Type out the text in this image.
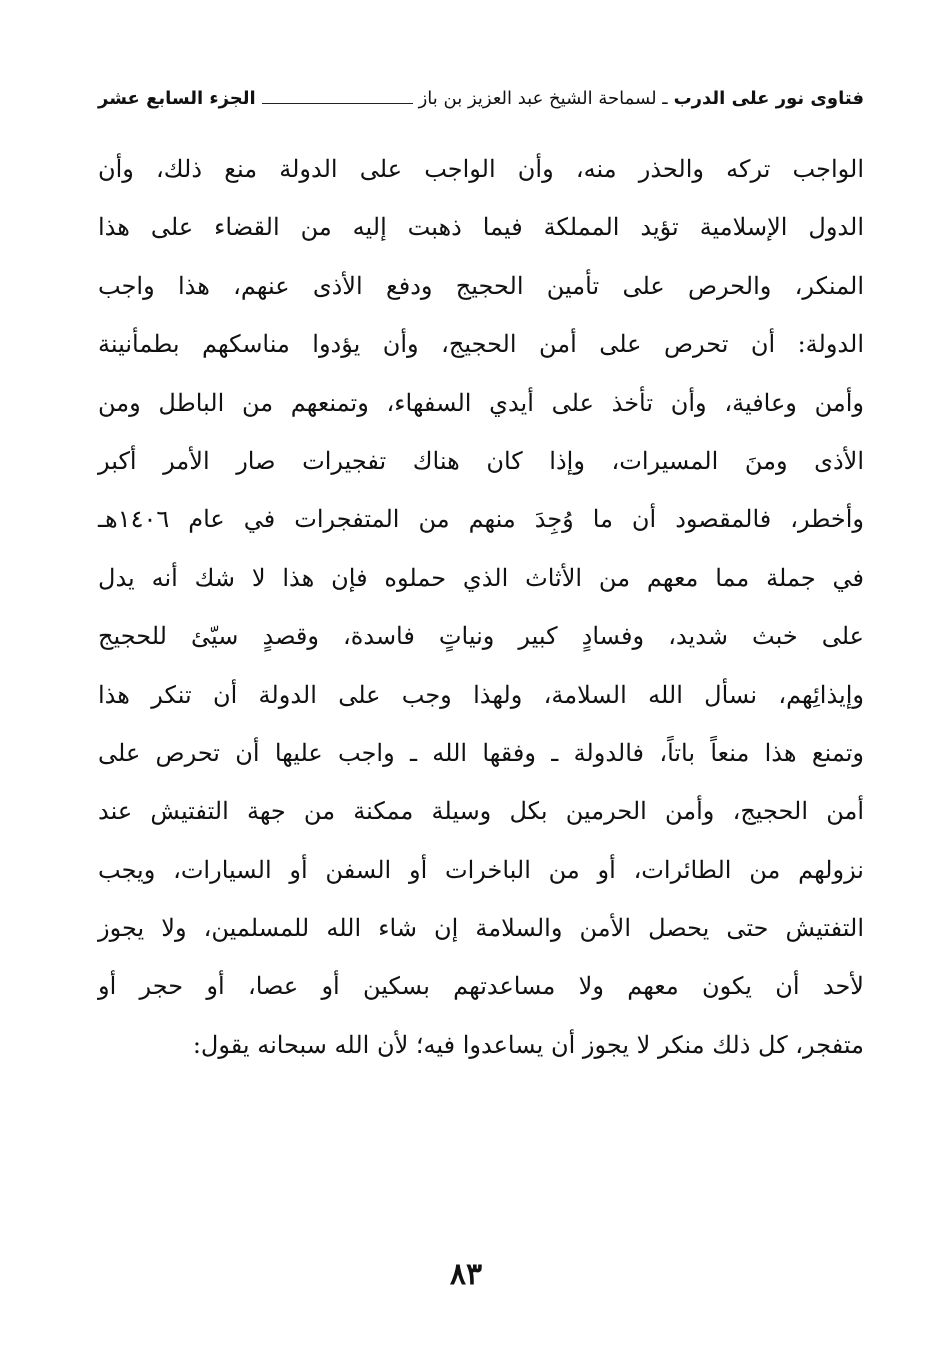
فتاوى نور على الدرب
ـ لسماحة الشيخ عبد العزيز بن باز
الجزء السابع عشر
الواجب تركه والحذر منه، وأن الواجب على الدولة منع ذلك، وأن
الدول الإسلامية تؤيد المملكة فيما ذهبت إليه من القضاء على هذا
المنكر، والحرص على تأمين الحجيج ودفع الأذى عنهم، هذا واجب
الدولة: أن تحرص على أمن الحجيج، وأن يؤدوا مناسكهم بطمأنينة
وأمن وعافية، وأن تأخذ على أيدي السفهاء، وتمنعهم من الباطل ومن
الأذى ومنَ المسيرات، وإذا كان هناك تفجيرات صار الأمر أكبر
وأخطر، فالمقصود أن ما وُجِدَ منهم من المتفجرات في عام ١٤٠٦هـ
في جملة مما معهم من الأثاث الذي حملوه فإن هذا لا شك أنه يدل
على خبث شديد، وفسادٍ كبير ونياتٍ فاسدة، وقصدٍ سيّئ للحجيج
وإيذائِهم، نسأل الله السلامة، ولهذا وجب على الدولة أن تنكر هذا
وتمنع هذا منعاً باتاً، فالدولة ـ وفقها الله ـ واجب عليها أن تحرص على
أمن الحجيج، وأمن الحرمين بكل وسيلة ممكنة من جهة التفتيش عند
نزولهم من الطائرات، أو من الباخرات أو السفن أو السيارات، ويجب
التفتيش حتى يحصل الأمن والسلامة إن شاء الله للمسلمين، ولا يجوز
لأحد أن يكون معهم ولا مساعدتهم بسكين أو عصا، أو حجر أو
متفجر، كل ذلك منكر لا يجوز أن يساعدوا فيه؛ لأن الله سبحانه يقول:
٨٣
